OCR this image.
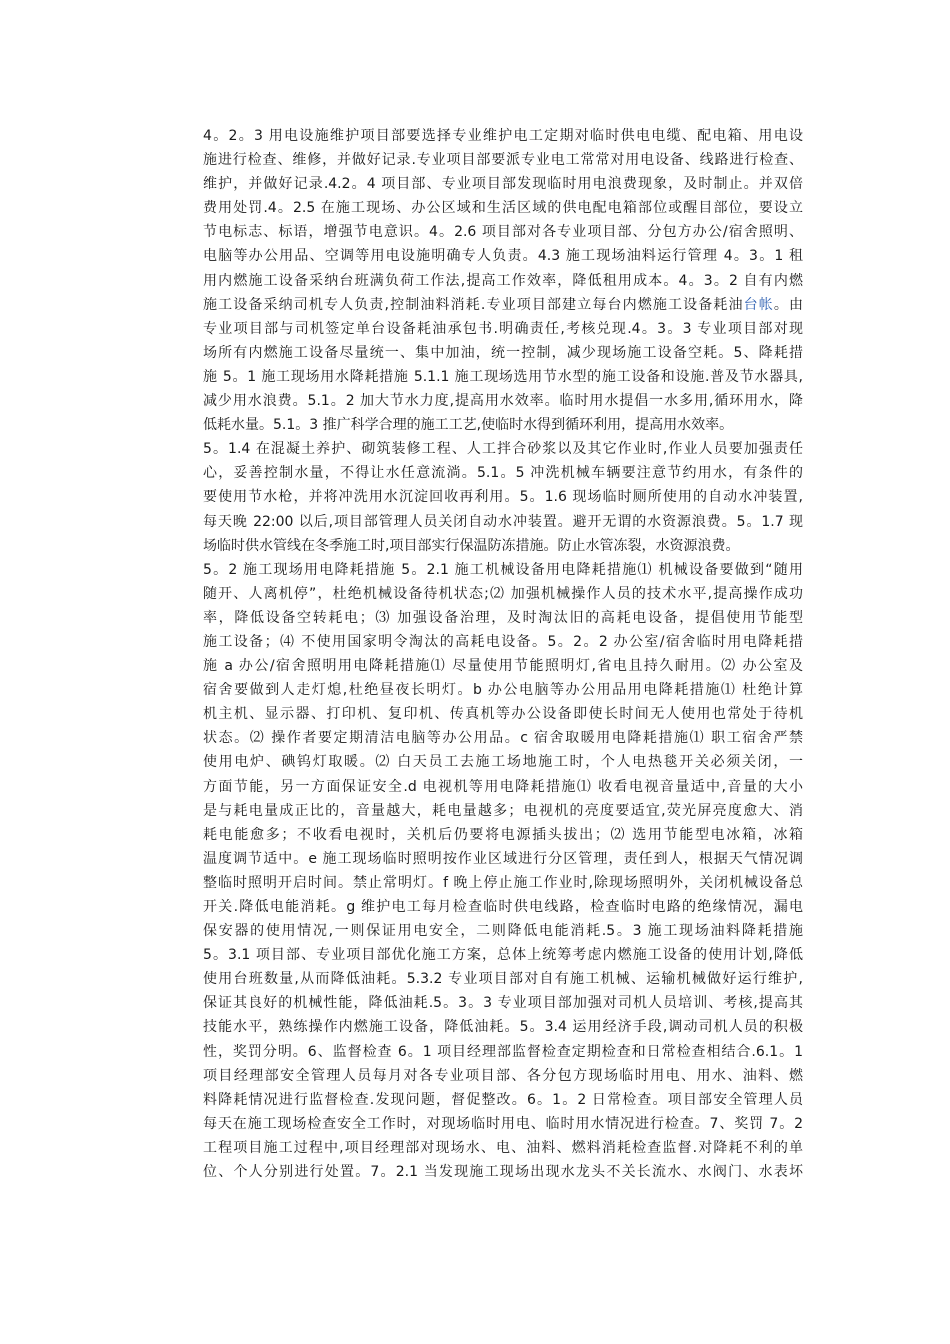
4。2。3 用电设施维护项目部要选择专业维护电工定期对临时供电电缆、配电箱、用电设
施进行检查、维修，并做好记录.专业项目部要派专业电工常常对用电设备、线路进行检查、
维护，并做好记录.4.2。4 项目部、专业项目部发现临时用电浪费现象，及时制止。并双倍
费用处罚.4。2.5 在施工现场、办公区域和生活区域的供电配电箱部位或醒目部位，要设立
节电标志、标语，增强节电意识。4。2.6 项目部对各专业项目部、分包方办公/宿舍照明、
电脑等办公用品、空调等用电设施明确专人负责。4.3 施工现场油料运行管理 4。3。1 租
用内燃施工设备采纳台班满负荷工作法,提高工作效率，降低租用成本。4。3。2 自有内燃
施工设备采纳司机专人负责,控制油料消耗.专业项目部建立每台内燃施工设备耗油台帐。由
专业项目部与司机签定单台设备耗油承包书.明确责任,考核兑现.4。3。3 专业项目部对现
场所有内燃施工设备尽量统一、集中加油，统一控制，减少现场施工设备空耗。5、降耗措
施 5。1 施工现场用水降耗措施 5.1.1 施工现场选用节水型的施工设备和设施.普及节水器具,
减少用水浪费。5.1。2 加大节水力度,提高用水效率。临时用水提倡一水多用,循环用水，降
低耗水量。5.1。3 推广科学合理的施工工艺,使临时水得到循环利用，提高用水效率。
5。1.4 在混凝土养护、砌筑装修工程、人工拌合砂浆以及其它作业时,作业人员要加强责任
心，妥善控制水量，不得让水任意流淌。5.1。5 冲洗机械车辆要注意节约用水，有条件的
要使用节水枪，并将冲洗用水沉淀回收再利用。5。1.6 现场临时厕所使用的自动水冲装置,
每天晚 22:00 以后,项目部管理人员关闭自动水冲装置。避开无谓的水资源浪费。5。1.7 现
场临时供水管线在冬季施工时,项目部实行保温防冻措施。防止水管冻裂，水资源浪费。
5。2 施工现场用电降耗措施 5。2.1 施工机械设备用电降耗措施⑴ 机械设备要做到“随用
随开、人离机停”，杜绝机械设备待机状态;⑵ 加强机械操作人员的技术水平,提高操作成功
率，降低设备空转耗电；⑶ 加强设备治理，及时淘汰旧的高耗电设备，提倡使用节能型
施工设备；⑷ 不使用国家明令淘汰的高耗电设备。5。2。2 办公室/宿舍临时用电降耗措
施 a 办公/宿舍照明用电降耗措施⑴ 尽量使用节能照明灯,省电且持久耐用。⑵ 办公室及
宿舍要做到人走灯熄,杜绝昼夜长明灯。b 办公电脑等办公用品用电降耗措施⑴ 杜绝计算
机主机、显示器、打印机、复印机、传真机等办公设备即使长时间无人使用也常处于待机
状态。⑵ 操作者要定期清洁电脑等办公用品。c 宿舍取暖用电降耗措施⑴ 职工宿舍严禁
使用电炉、碘钨灯取暖。⑵ 白天员工去施工场地施工时，个人电热毯开关必须关闭，一
方面节能，另一方面保证安全.d 电视机等用电降耗措施⑴ 收看电视音量适中,音量的大小
是与耗电量成正比的，音量越大，耗电量越多；电视机的亮度要适宜,荧光屏亮度愈大、消
耗电能愈多；不收看电视时，关机后仍要将电源插头拔出；⑵ 选用节能型电冰箱，冰箱
温度调节适中。e 施工现场临时照明按作业区域进行分区管理，责任到人，根据天气情况调
整临时照明开启时间。禁止常明灯。f 晚上停止施工作业时,除现场照明外，关闭机械设备总
开关.降低电能消耗。g 维护电工每月检查临时供电线路，检查临时电路的绝缘情况，漏电
保安器的使用情况,一则保证用电安全，二则降低电能消耗.5。3 施工现场油料降耗措施
5。3.1 项目部、专业项目部优化施工方案，总体上统筹考虑内燃施工设备的使用计划,降低
使用台班数量,从而降低油耗。5.3.2 专业项目部对自有施工机械、运输机械做好运行维护,
保证其良好的机械性能，降低油耗.5。3。3 专业项目部加强对司机人员培训、考核,提高其
技能水平，熟练操作内燃施工设备，降低油耗。5。3.4 运用经济手段,调动司机人员的积极
性，奖罚分明。6、监督检查 6。1 项目经理部监督检查定期检查和日常检查相结合.6.1。1
项目经理部安全管理人员每月对各专业项目部、各分包方现场临时用电、用水、油料、燃
料降耗情况进行监督检查.发现问题，督促整改。6。1。2 日常检查。项目部安全管理人员
每天在施工现场检查安全工作时，对现场临时用电、临时用水情况进行检查。7、奖罚 7。2
工程项目施工过程中,项目经理部对现场水、电、油料、燃料消耗检查监督.对降耗不利的单
位、个人分别进行处置。7。2.1 当发现施工现场出现水龙头不关长流水、水阀门、水表坏
